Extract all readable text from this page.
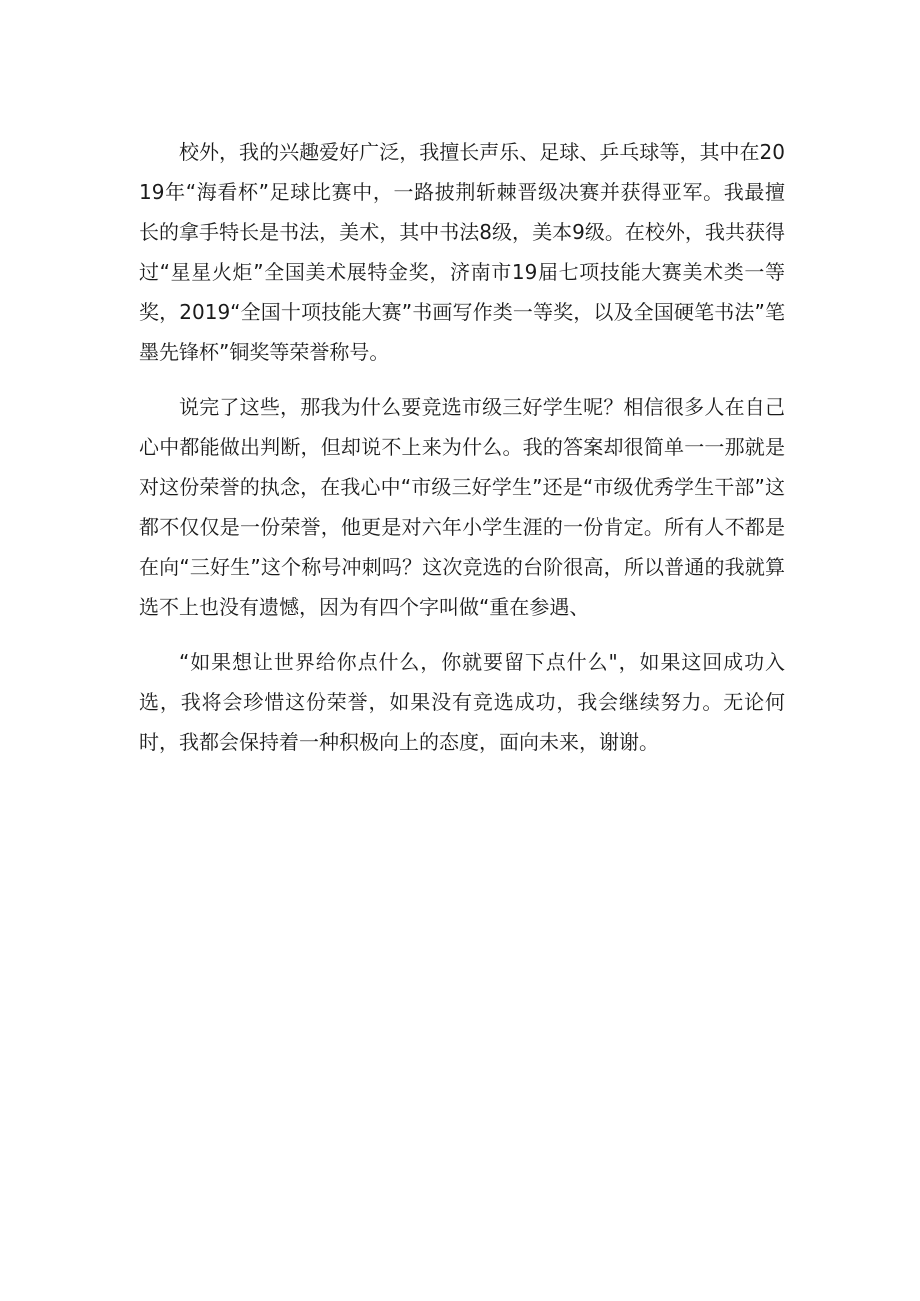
校外，我的兴趣爱好广泛，我擅长声乐、足球、乒乓球等，其中在2019年“海看杯”足球比赛中，一路披荆斩棘晋级决赛并获得亚军。我最擅长的拿手特长是书法，美术，其中书法8级，美本9级。在校外，我共获得过“星星火炬”全国美术展特金奖，济南市19届七项技能大赛美术类一等奖，2019“全国十项技能大赛”书画写作类一等奖，以及全国硬笔书法”笔墨先锋杯”铜奖等荣誉称号。

说完了这些，那我为什么要竞选市级三好学生呢？相信很多人在自己心中都能做出判断，但却说不上来为什么。我的答案却很简单一一那就是对这份荣誉的执念，在我心中“市级三好学生”还是“市级优秀学生干部”这都不仅仅是一份荣誉，他更是对六年小学生涯的一份肯定。所有人不都是在向“三好生”这个称号冲刺吗？这次竞选的台阶很高，所以普通的我就算选不上也没有遗憾，因为有四个字叫做“重在参遇、

“如果想让世界给你点什么，你就要留下点什么"，如果这回成功入选，我将会珍惜这份荣誉，如果没有竞选成功，我会继续努力。无论何时，我都会保持着一种积极向上的态度，面向未来，谢谢。
